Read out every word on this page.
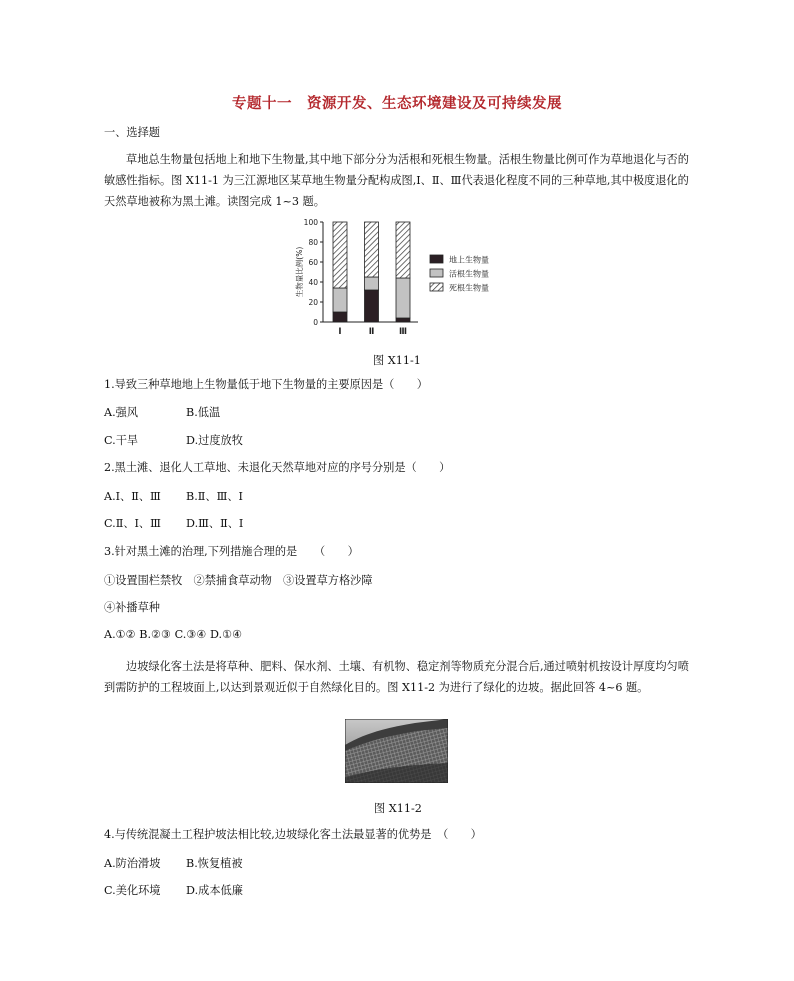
专题十一　资源开发、生态环境建设及可持续发展
一、选择题
草地总生物量包括地上和地下生物量,其中地下部分分为活根和死根生物量。活根生物量比例可作为草地退化与否的敏感性指标。图 X11-1 为三江源地区某草地生物量分配构成图,Ⅰ、Ⅱ、Ⅲ代表退化程度不同的三种草地,其中极度退化的天然草地被称为黑土滩。读图完成 1~3 题。
0
20
40
60
80
100
生物量比例(%)
Ⅰ	Ⅱ	Ⅲ
地上生物量
活根生物量
死根生物量
图 X11-1
1.导致三种草地地上生物量低于地下生物量的主要原因是（　　）
A.强风	B.低温
C.干旱	D.过度放牧
2.黑土滩、退化人工草地、未退化天然草地对应的序号分别是（　　）
A.Ⅰ、Ⅱ、Ⅲ B.Ⅱ、Ⅲ、Ⅰ
C.Ⅱ、Ⅰ、Ⅲ D.Ⅲ、Ⅱ、Ⅰ
3.针对黑土滩的治理,下列措施合理的是　　（　　）
①设置围栏禁牧　②禁捕食草动物　③设置草方格沙障
④补播草种
A.①② B.②③ C.③④ D.①④
边坡绿化客土法是将草种、肥料、保水剂、土壤、有机物、稳定剂等物质充分混合后,通过喷射机按设计厚度均匀喷到需防护的工程坡面上,以达到景观近似于自然绿化目的。图 X11-2 为进行了绿化的边坡。据此回答 4~6 题。
图 X11-2
4.与传统混凝土工程护坡法相比较,边坡绿化客土法最显著的优势是　（　　）
A.防治滑坡 B.恢复植被
C.美化环境 D.成本低廉
